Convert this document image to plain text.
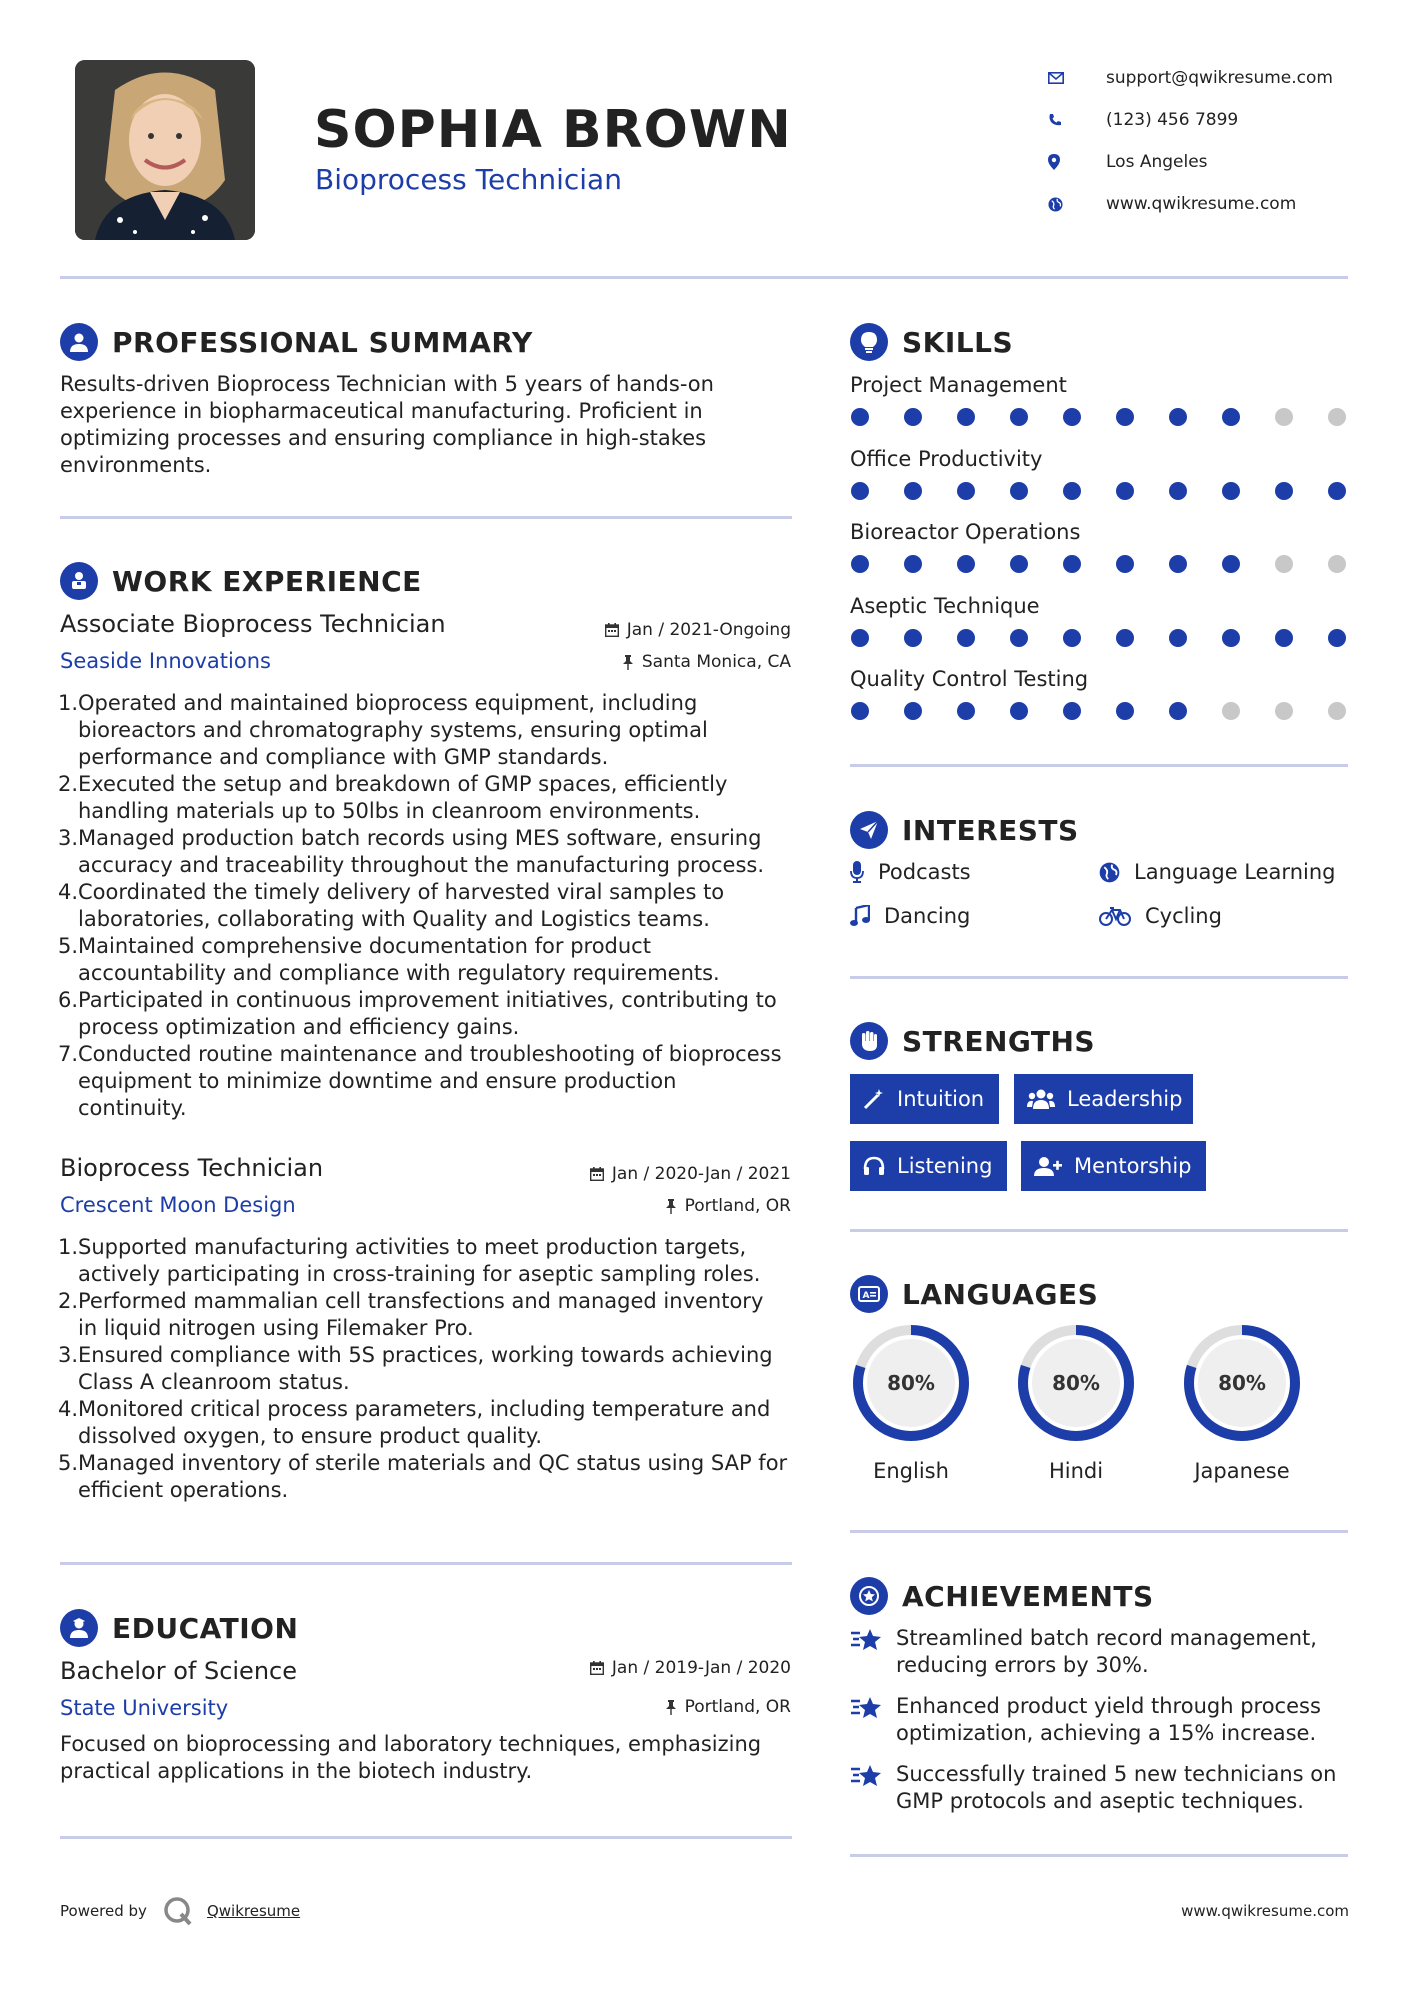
SOPHIA BROWN
Bioprocess Technician
support@qwikresume.com
(123) 456 7899
Los Angeles
www.qwikresume.com
PROFESSIONAL SUMMARY
Results-driven Bioprocess Technician with 5 years of hands-on
experience in biopharmaceutical manufacturing. Proficient in
optimizing processes and ensuring compliance in high-stakes
environments.
WORK EXPERIENCE
Associate Bioprocess Technician	Jan / 2021-Ongoing
Seaside Innovations	Santa Monica, CA
1. Operated and maintained bioprocess equipment, including
bioreactors and chromatography systems, ensuring optimal
performance and compliance with GMP standards.
2. Executed the setup and breakdown of GMP spaces, efficiently
handling materials up to 50lbs in cleanroom environments.
3. Managed production batch records using MES software, ensuring
accuracy and traceability throughout the manufacturing process.
4. Coordinated the timely delivery of harvested viral samples to
laboratories, collaborating with Quality and Logistics teams.
5. Maintained comprehensive documentation for product
accountability and compliance with regulatory requirements.
6. Participated in continuous improvement initiatives, contributing to
process optimization and efficiency gains.
7. Conducted routine maintenance and troubleshooting of bioprocess
equipment to minimize downtime and ensure production
continuity.
Bioprocess Technician	Jan / 2020-Jan / 2021
Crescent Moon Design	Portland, OR
1. Supported manufacturing activities to meet production targets,
actively participating in cross-training for aseptic sampling roles.
2. Performed mammalian cell transfections and managed inventory
in liquid nitrogen using Filemaker Pro.
3. Ensured compliance with 5S practices, working towards achieving
Class A cleanroom status.
4. Monitored critical process parameters, including temperature and
dissolved oxygen, to ensure product quality.
5. Managed inventory of sterile materials and QC status using SAP for
efficient operations.
EDUCATION
Bachelor of Science	Jan / 2019-Jan / 2020
State University	Portland, OR
Focused on bioprocessing and laboratory techniques, emphasizing
practical applications in the biotech industry.
SKILLS
Project Management
Office Productivity
Bioreactor Operations
Aseptic Technique
Quality Control Testing
INTERESTS
Podcasts	Language Learning
Dancing	Cycling
STRENGTHS
Intuition	Leadership
Listening	Mentorship
A LANGUAGES
80%	80%	80%
English	Hindi	Japanese
ACHIEVEMENTS
Streamlined batch record management,
reducing errors by 30%.
Enhanced product yield through process
optimization, achieving a 15% increase.
Successfully trained 5 new technicians on
GMP protocols and aseptic techniques.
Powered by	Qwikresume	www.qwikresume.com
